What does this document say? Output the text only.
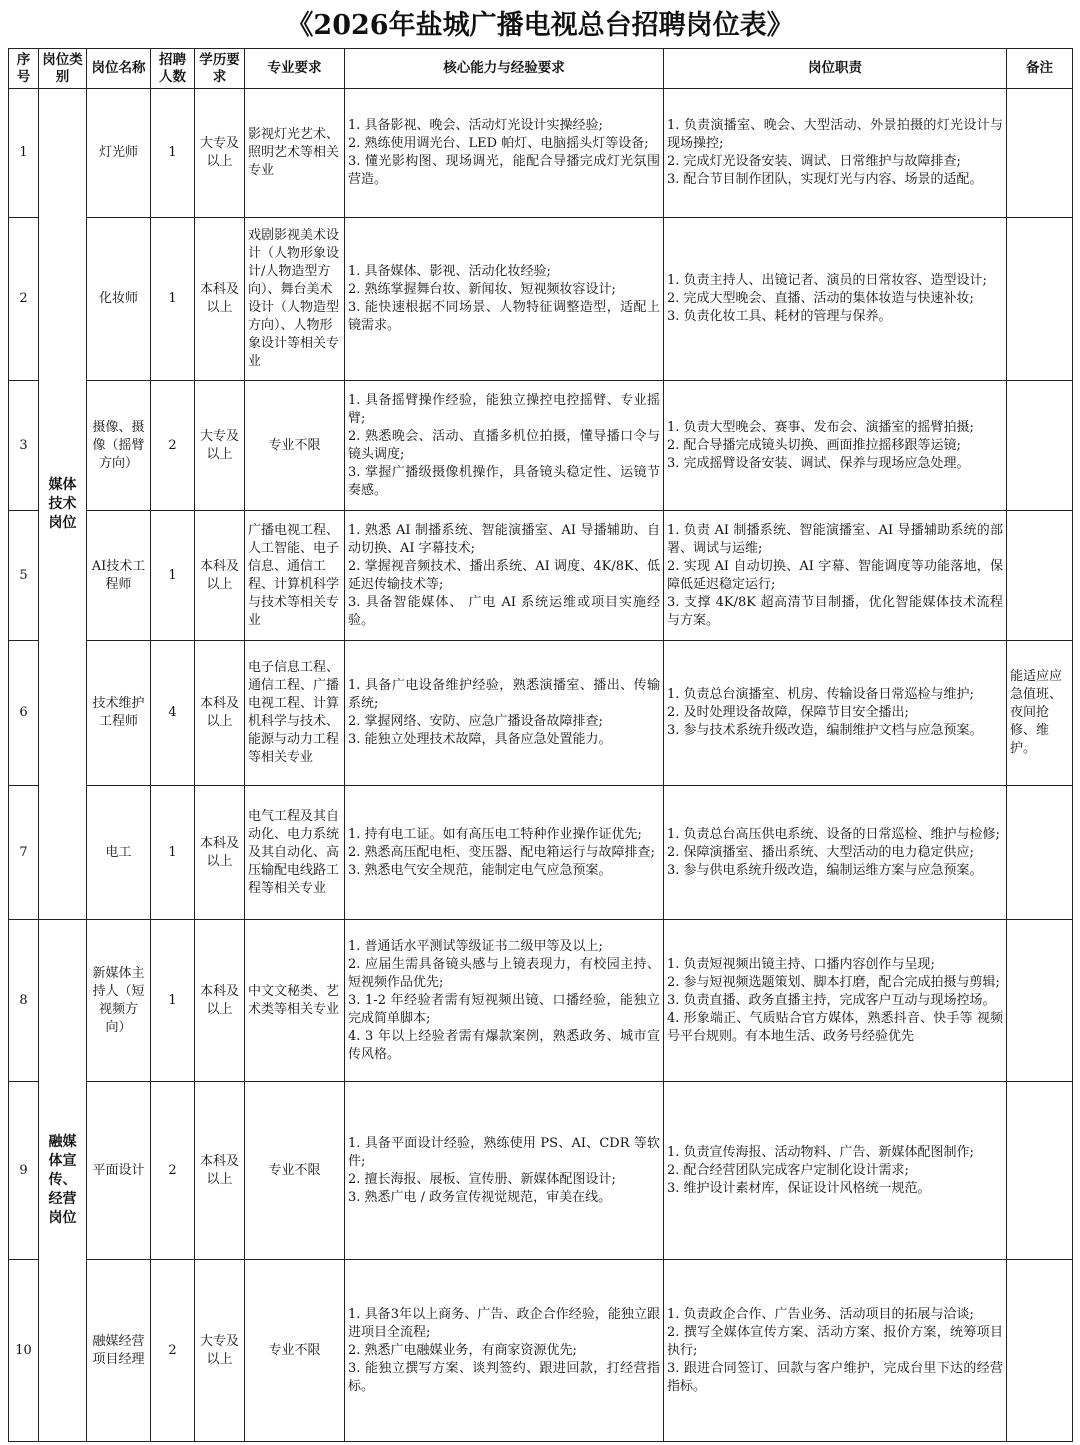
《2026年盐城广播电视总台招聘岗位表》
序号	岗位类别	岗位名称	招聘人数	学历要求	专业要求	核心能力与经验要求	岗位职责	备注
1	媒体技术岗位	灯光师	1	大专及以上	影视灯光艺术、照明艺术等相关专业	1. 具备影视、晚会、活动灯光设计实操经验;
2. 熟练使用调光台、LED 帕灯、电脑摇头灯等设备;
3. 懂光影构图、现场调光，能配合导播完成灯光氛围营造。	1. 负责演播室、晚会、大型活动、外景拍摄的灯光设计与现场操控;
2. 完成灯光设备安装、调试、日常维护与故障排查;
3. 配合节目制作团队，实现灯光与内容、场景的适配。	

2		化妆师	1	本科及以上	戏剧影视美术设计（人物形象设计/人物造型方向）、舞台美术设计（人物造型方向）、人物形象设计等相关专业	1. 具备媒体、影视、活动化妆经验;
2. 熟练掌握舞台妆、新闻妆、短视频妆容设计;
3. 能快速根据不同场景、人物特征调整造型，适配上镜需求。	1. 负责主持人、出镜记者、演员的日常妆容、造型设计;
2. 完成大型晚会、直播、活动的集体妆造与快速补妆;
3. 负责化妆工具、耗材的管理与保养。	

3		摄像、摄像（摇臂方向）	2	大专及以上	专业不限	1. 具备摇臂操作经验，能独立操控电控摇臂、专业摇臂;
2. 熟悉晚会、活动、直播多机位拍摄，懂导播口令与镜头调度;
3. 掌握广播级摄像机操作，具备镜头稳定性、运镜节奏感。	1. 负责大型晚会、赛事、发布会、演播室的摇臂拍摄;
2. 配合导播完成镜头切换、画面推拉摇移跟等运镜;
3. 完成摇臂设备安装、调试、保养与现场应急处理。	

5		AI技术工程师	1	本科及以上	广播电视工程、人工智能、电子信息、通信工程、计算机科学与技术等相关专业	1. 熟悉 AI 制播系统、智能演播室、AI 导播辅助、自动切换、AI 字幕技术;
2. 掌握视音频技术、播出系统、AI 调度、4K/8K、低延迟传输技术等;
3. 具备智能媒体、 广电 AI 系统运维或项目实施经验。	1. 负责 AI 制播系统、智能演播室、AI 导播辅助系统的部署、调试与运维;
2. 实现 AI 自动切换、AI 字幕、智能调度等功能落地，保障低延迟稳定运行;
3. 支撑 4K/8K 超高清节目制播，优化智能媒体技术流程与方案。	

6		技术维护工程师	4	本科及以上	电子信息工程、通信工程、广播电视工程、计算机科学与技术、能源与动力工程等相关专业	1. 具备广电设备维护经验，熟悉演播室、播出、传输系统;
2. 掌握网络、安防、应急广播设备故障排查;
3. 能独立处理技术故障，具备应急处置能力。	1. 负责总台演播室、机房、传输设备日常巡检与维护;
2. 及时处理设备故障，保障节目安全播出;
3. 参与技术系统升级改造，编制维护文档与应急预案。	能适应应急值班、夜间抢修、维护。
7		电工	1	本科及以上	电气工程及其自动化、电力系统及其自动化、高压输配电线路工程等相关专业	1. 持有电工证。如有高压电工特种作业操作证优先;
2. 熟悉高压配电柜、变压器、配电箱运行与故障排查;
3. 熟悉电气安全规范，能制定电气应急预案。	1. 负责总台高压供电系统、设备的日常巡检、维护与检修;
2. 保障演播室、播出系统、大型活动的电力稳定供应;
3. 参与供电系统升级改造，编制运维方案与应急预案。	

8	融媒体宣传、经营岗位	新媒体主持人（短视频方向）	1	本科及以上	中文文秘类、艺术类等相关专业	1. 普通话水平测试等级证书二级甲等及以上;
2. 应届生需具备镜头感与上镜表现力，有校园主持、短视频作品优先;
3. 1-2 年经验者需有短视频出镜、口播经验，能独立完成简单脚本;
4. 3 年以上经验者需有爆款案例，熟悉政务、城市宣传风格。	1. 负责短视频出镜主持、口播内容创作与呈现;
2. 参与短视频选题策划、脚本打磨，配合完成拍摄与剪辑;
3. 负责直播、政务直播主持，完成客户互动与现场控场。
4. 形象端正、气质贴合官方媒体，熟悉抖音、快手等 视频号平台规则。有本地生活、政务号经验优先	

9		平面设计	2	本科及以上	专业不限	1. 具备平面设计经验，熟练使用 PS、AI、CDR 等软件;
2. 擅长海报、展板、宣传册、新媒体配图设计;
3. 熟悉广电 / 政务宣传视觉规范，审美在线。	1. 负责宣传海报、活动物料、广告、新媒体配图制作;
2. 配合经营团队完成客户定制化设计需求;
3. 维护设计素材库，保证设计风格统一规范。	

10		融媒经营项目经理	2	大专及以上	专业不限	1. 具备3年以上商务、广告、政企合作经验，能独立跟进项目全流程;
2. 熟悉广电融媒业务，有商家资源优先;
3. 能独立撰写方案、谈判签约、跟进回款，打经营指标。	1. 负责政企合作、广告业务、活动项目的拓展与洽谈;
2. 撰写全媒体宣传方案、活动方案、报价方案，统筹项目执行;
3. 跟进合同签订、回款与客户维护，完成台里下达的经营指标。	
